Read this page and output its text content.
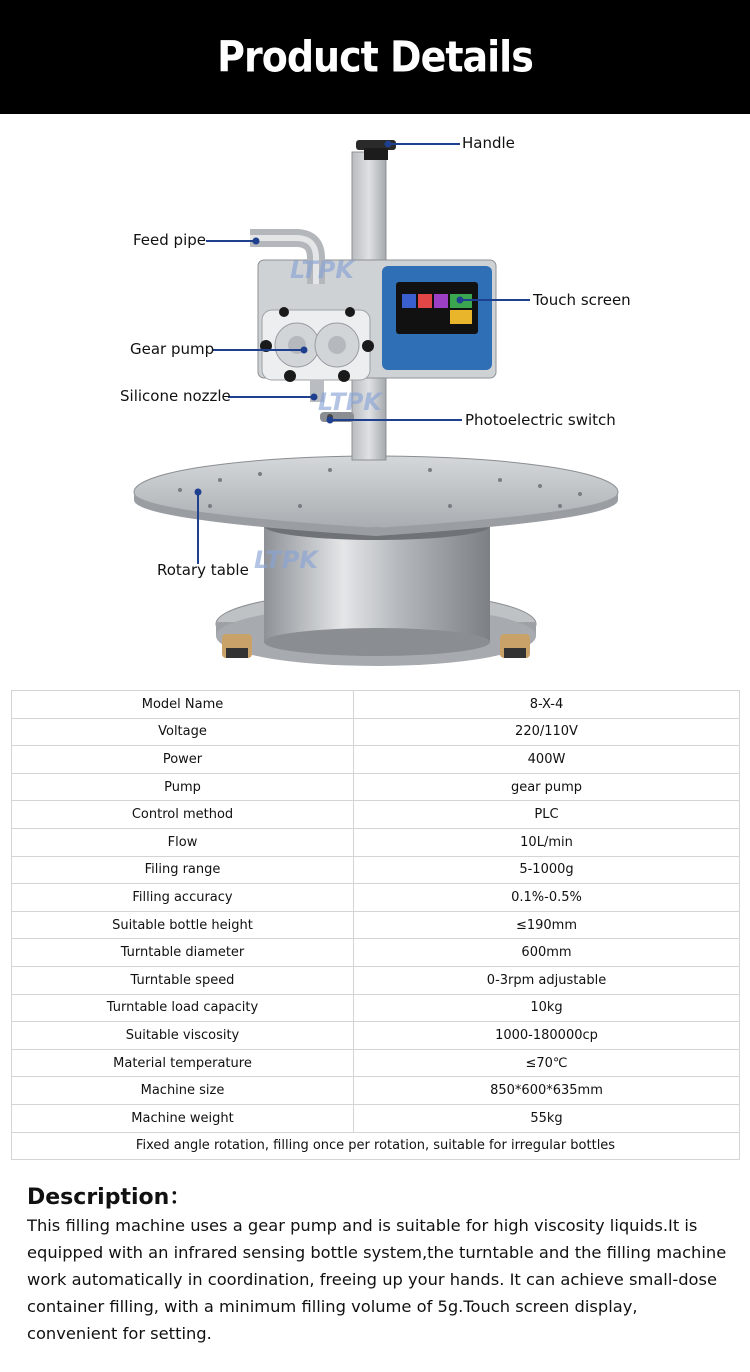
Product Details
LTPK
LTPK
LTPK
Handle
Feed pipe
Touch screen
Gear pump
Silicone nozzle
Photoelectric switch
Rotary table
Model Name	8-X-4
Voltage	220/110V
Power	400W
Pump	gear pump
Control method	PLC
Flow	10L/min
Filing range	5-1000g
Filling accuracy	0.1%-0.5%
Suitable bottle height	≤190mm
Turntable diameter	600mm
Turntable speed	0-3rpm adjustable
Turntable load capacity	10kg
Suitable viscosity	1000-180000cp
Material temperature	≤70℃
Machine size	850*600*635mm
Machine weight	55kg
Fixed angle rotation, filling once per rotation, suitable for irregular bottles	
Description：
This filling machine uses a gear pump and is suitable for high viscosity liquids.It is equipped with an infrared sensing bottle system,the turntable and the filling machine work automatically in coordination, freeing up your hands. It can achieve small-dose container filling, with a minimum filling volume of 5g.Touch screen display, convenient for setting.
